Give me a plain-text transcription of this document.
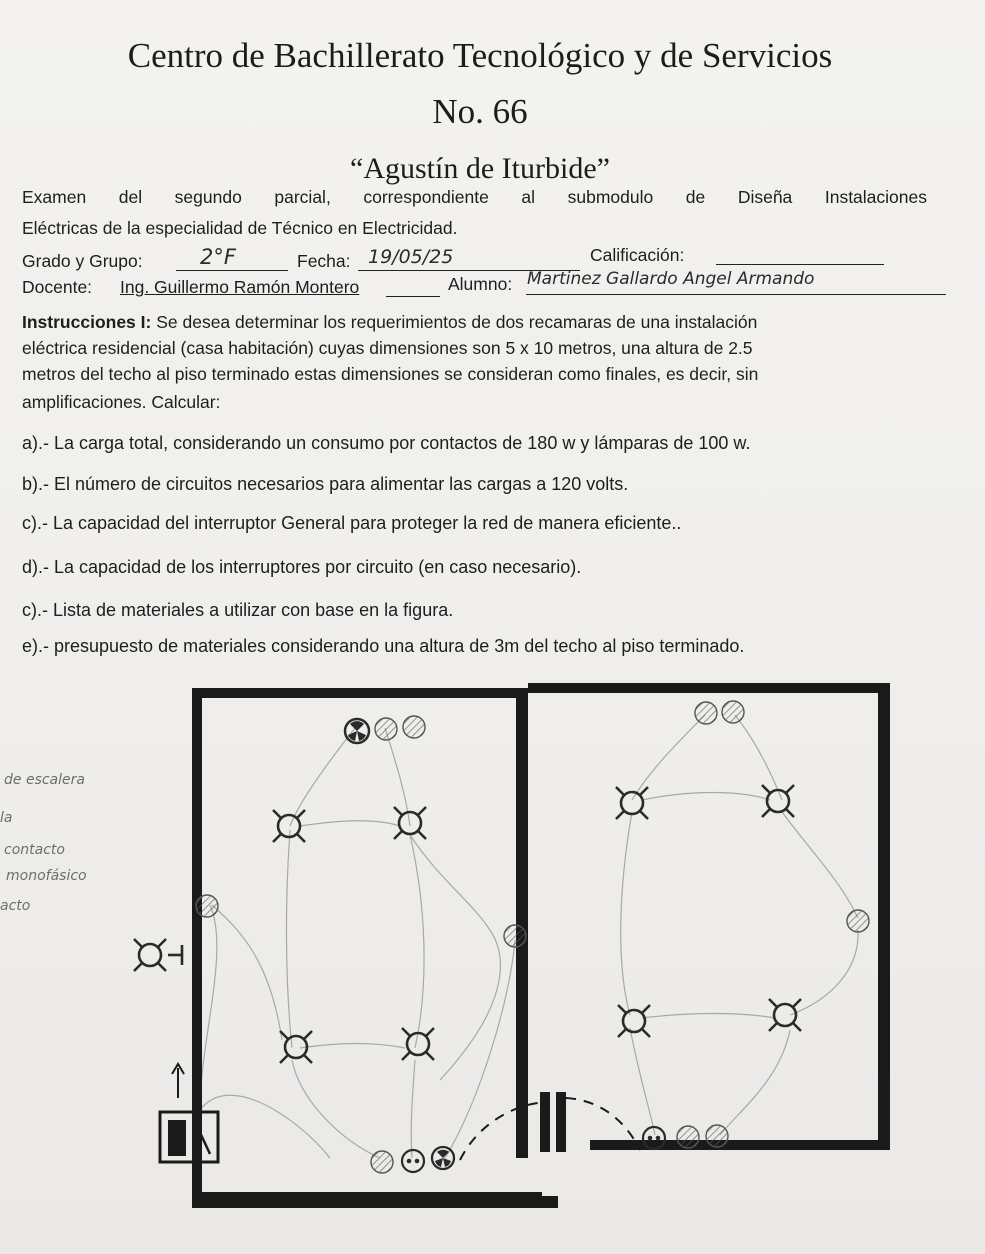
Centro de Bachillerato Tecnológico y de Servicios
No. 66
“Agustín de Iturbide”
Examen del segundo parcial, correspondiente al submodulo de Diseña Instalaciones
Eléctricas de la especialidad de Técnico en Electricidad.
Grado y Grupo:	2°F	Fecha: 19/05/25	Calificación:
Docente: Ing. Guillermo Ramón Montero	Alumno: Martinez Gallardo Angel Armando
Instrucciones I: Se desea determinar los requerimientos de dos recamaras de una instalación
eléctrica residencial (casa habitación) cuyas dimensiones son 5 x 10 metros, una altura de 2.5
metros del techo al piso terminado estas dimensiones se consideran como finales, es decir, sin
amplificaciones. Calcular:
a).- La carga total, considerando un consumo por contactos de 180 w y lámparas de 100 w.
b).- El número de circuitos necesarios para alimentar las cargas a 120 volts.
c).- La capacidad del interruptor General para proteger la red de manera eficiente..
d).- La capacidad de los interruptores por circuito (en caso necesario).
c).- Lista de materiales a utilizar con base en la figura.
e).- presupuesto de materiales considerando una altura de 3m del techo al piso terminado.
de escalera
la
contacto
monofásico
acto
